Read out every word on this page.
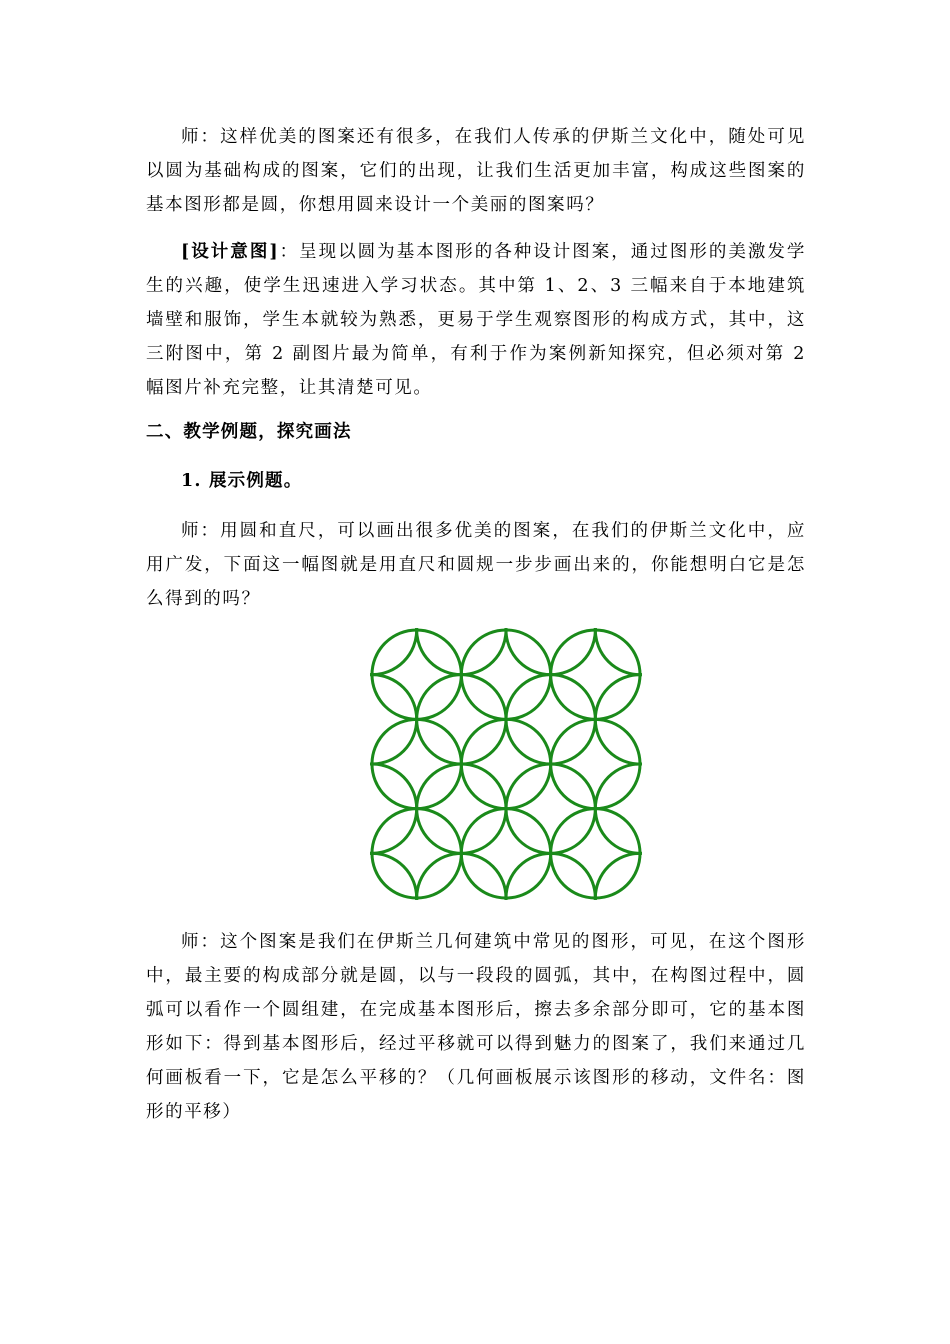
师：这样优美的图案还有很多，在我们人传承的伊斯兰文化中，随处可见以圆为基础构成的图案，它们的出现，让我们生活更加丰富，构成这些图案的基本图形都是圆，你想用圆来设计一个美丽的图案吗？

[设计意图]：呈现以圆为基本图形的各种设计图案，通过图形的美激发学生的兴趣，使学生迅速进入学习状态。其中第 1、2、3 三幅来自于本地建筑墙壁和服饰，学生本就较为熟悉，更易于学生观察图形的构成方式，其中，这三附图中，第 2 副图片最为简单，有利于作为案例新知探究，但必须对第 2 幅图片补充完整，让其清楚可见。

二、教学例题，探究画法

1. 展示例题。

师：用圆和直尺，可以画出很多优美的图案，在我们的伊斯兰文化中，应用广发，下面这一幅图就是用直尺和圆规一步步画出来的，你能想明白它是怎么得到的吗？

师：这个图案是我们在伊斯兰几何建筑中常见的图形，可见，在这个图形中，最主要的构成部分就是圆，以与一段段的圆弧，其中，在构图过程中，圆弧可以看作一个圆组建，在完成基本图形后，擦去多余部分即可，它的基本图形如下：得到基本图形后，经过平移就可以得到魅力的图案了，我们来通过几何画板看一下，它是怎么平移的？（几何画板展示该图形的移动，文件名：图形的平移）
